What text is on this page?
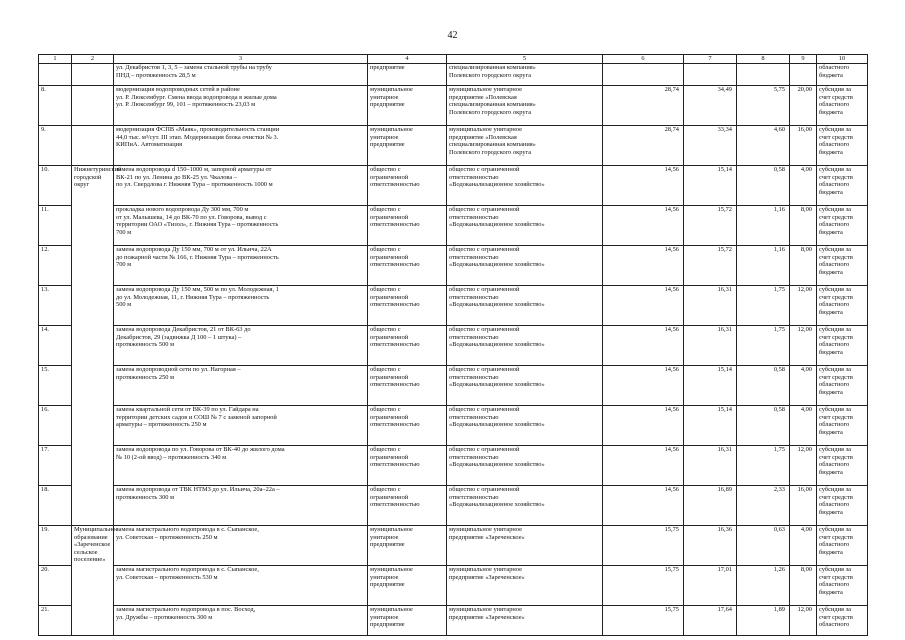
42
1	2	3	4	5	6	7	8	9	10
		ул. Декабристов 1, 3, 5 – замена стальной трубы на трубу
ПНД – протяженность 28,5 м	предприятие	специализированная компания»
Полевского городского округа					областного
бюджета
8.		модернизация водопроводных сетей в районе
ул. Р. Люксембург. Смена ввода водопровода в жилые дома
ул. Р. Люксембург 99, 101 – протяженность 23,03 м	муниципальное
унитарное
предприятие	муниципальное унитарное
предприятие «Полевская
специализированная компания»
Полевского городского округа	28,74	34,49	5,75	20,00	субсидия за
счет средств
областного
бюджета
9.		модернизация ФСПВ «Маяк», производительность станции
44,0 тыс. м³/сут. III этап. Модернизация блока очистки № 3.
КИПиА. Автоматизация	муниципальное
унитарное
предприятие	муниципальное унитарное
предприятие «Полевская
специализированная компания»
Полевского городского округа	28,74	33,34	4,60	16,00	субсидия за
счет средств
областного
бюджета
10.	Нижнетуринский городской
округ	замена водопровода d 150–1000 м, запорной арматуры от
ВК-21 по ул. Ленина до ВК-25 ул. Чкалова –
по ул. Свердлова г. Нижняя Тура – протяженность 1000 м	общество с
ограниченной
ответственностью	общество с ограниченной
ответственностью
«Водоканализационное хозяйство»	14,56	15,14	0,58	4,00	субсидия за
счет средств
областного
бюджета
11.		прокладка нового водопровода Ду 300 мм, 700 м
от ул. Малышева, 14 до ВК-70 по ул. Говорова, вывод с
территории ОАО «Тизол», г. Нижняя Тура – протяженность
700 м	общество с
ограниченной
ответственностью	общество с ограниченной
ответственностью
«Водоканализационное хозяйство»	14,56	15,72	1,16	8,00	субсидия за
счет средств
областного
бюджета
12.		замена водопровода Ду 150 мм, 700 м от ул. Ильича, 22А
до пожарной части № 166, г. Нижняя Тура – протяженность
700 м	общество с
ограниченной
ответственностью	общество с ограниченной
ответственностью
«Водоканализационное хозяйство»	14,56	15,72	1,16	8,00	субсидия за
счет средств
областного
бюджета
13.		замена водопровода Ду 150 мм, 500 м по ул. Молодежная, 1
до ул. Молодежная, 11, г. Нижняя Тура – протяженность
500 м	общество с
ограниченной
ответственностью	общество с ограниченной
ответственностью
«Водоканализационное хозяйство»	14,56	16,31	1,75	12,00	субсидия за
счет средств
областного
бюджета
14.		замена водопровода Декабристов, 21 от ВК-63 до
Декабристов, 29 (задвижка Д 100 – 1 штука) –
протяженность 500 м	общество с
ограниченной
ответственностью	общество с ограниченной
ответственностью
«Водоканализационное хозяйство»	14,56	16,31	1,75	12,00	субсидия за
счет средств
областного
бюджета
15.		замена водопроводной сети по ул. Нагорная –
протяженность 250 м	общество с
ограниченной
ответственностью	общество с ограниченной
ответственностью
«Водоканализационное хозяйство»	14,56	15,14	0,58	4,00	субсидия за
счет средств
областного
бюджета
16.		замена квартальной сети от ВК-39 по ул. Гайдара на
территории детских садов и СОШ № 7 с заменой запорной
арматуры – протяженность 250 м	общество с
ограниченной
ответственностью	общество с ограниченной
ответственностью
«Водоканализационное хозяйство»	14,56	15,14	0,58	4,00	субсидия за
счет средств
областного
бюджета
17.		замена водопровода по ул. Говорова от ВК-40 до жилого дома
№ 10 (2-ой ввод) – протяженность 340 м	общество с
ограниченной
ответственностью	общество с ограниченной
ответственностью
«Водоканализационное хозяйство»	14,56	16,31	1,75	12,00	субсидия за
счет средств
областного
бюджета
18.		замена водопровода от ТВК НТМЗ до ул. Ильича, 20а–22а –
протяженность 300 м	общество с
ограниченной
ответственностью	общество с ограниченной
ответственностью
«Водоканализационное хозяйство»	14,56	16,89	2,33	16,00	субсидия за
счет средств
областного
бюджета
19.	Муниципальное
образование
«Зареченское
сельское
поселение»	замена магистрального водопровода в с. Сыпанское,
ул. Советская – протяженность 250 м	муниципальное
унитарное
предприятие	муниципальное унитарное
предприятие «Зареченское»	15,75	16,36	0,63	4,00	субсидия за
счет средств
областного
бюджета
20.		замена магистрального водопровода в с. Сыпанское,
ул. Советская – протяженность 530 м	муниципальное
унитарное
предприятие	муниципальное унитарное
предприятие «Зареченское»	15,75	17,01	1,26	8,00	субсидия за
счет средств
областного
бюджета
21.		замена магистрального водопровода в пос. Восход,
ул. Дружбы – протяженность 300 м	муниципальное
унитарное
предприятие	муниципальное унитарное
предприятие «Зареченское»	15,75	17,64	1,89	12,00	субсидия за
счет средств
областного
